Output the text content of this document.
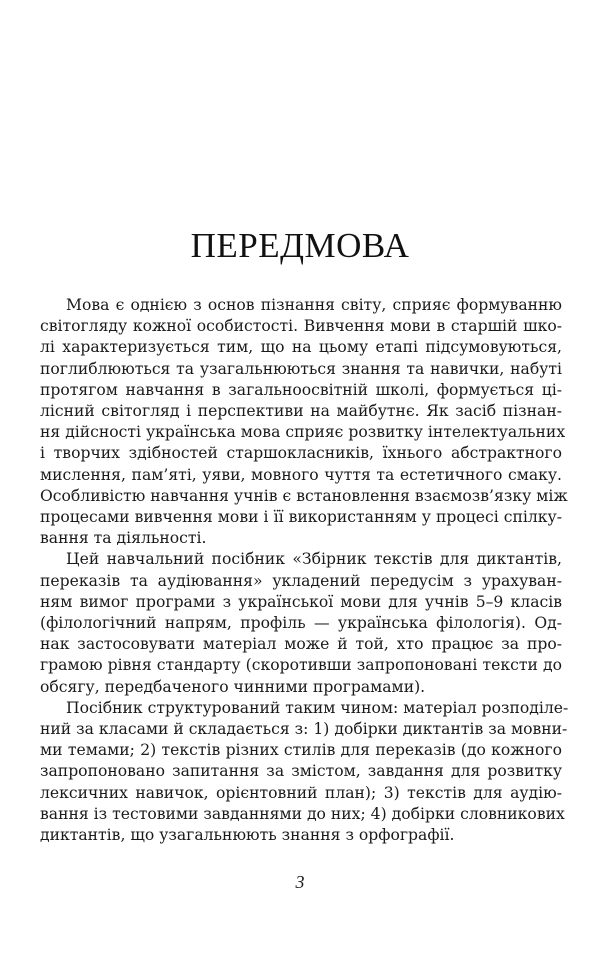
ПЕРЕДМОВА
Мова є однією з основ пізнання світу, сприяє формуванню
світогляду кожної особистості. Вивчення мови в старшій шко-
лі характеризується тим, що на цьому етапі підсумовуються,
поглиблюються та узагальнюються знання та навички, набуті
протягом навчання в загальноосвітній школі, формується ці-
лісний світогляд і перспективи на майбутнє. Як засіб пізнан-
ня дійсності українська мова сприяє розвитку інтелектуальних
і творчих здібностей старшокласників, їхнього абстрактного
мислення, пам’яті, уяви, мовного чуття та естетичного смаку.
Особливістю навчання учнів є встановлення взаємозв’язку між
процесами вивчення мови і її використанням у процесі спілку-
вання та діяльності.
Цей навчальний посібник «Збірник текстів для диктантів,
переказів та аудіювання» укладений передусім з урахуван-
ням вимог програми з української мови для учнів 5–9 класів
(філологічний напрям, профіль — українська філологія). Од-
нак застосовувати матеріал може й той, хто працює за про-
грамою рівня стандарту (скоротивши запропоновані тексти до
обсягу, передбаченого чинними програмами).
Посібник структурований таким чином: матеріал розподіле-
ний за класами й складається з: 1) добірки диктантів за мовни-
ми темами; 2) текстів різних стилів для переказів (до кожного
запропоновано запитання за змістом, завдання для розвитку
лексичних навичок, орієнтовний план); 3) текстів для аудію-
вання із тестовими завданнями до них; 4) добірки словникових
диктантів, що узагальнюють знання з орфографії.
3
